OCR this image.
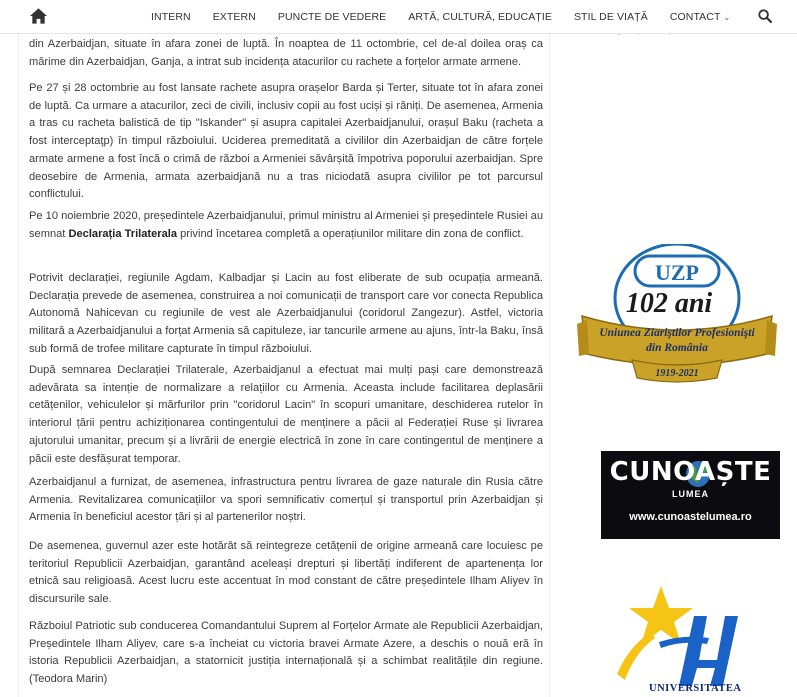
INTERN	EXTERN	PUNCTE DE VEDERE	ARTĂ, CULTURĂ, EDUCAȚIE	STIL DE VIAȚĂ	CONTACT ⌄

din Azerbaidjan, situate în afara zonei de luptă. În noaptea de 11 octombrie, cel de-al doilea oraș ca mărime din Azerbaidjan, Ganja, a intrat sub incidența atacurilor cu rachete a forțelor armate armene.

Pe 27 și 28 octombrie au fost lansate rachete asupra orașelor Barda și Terter, situate tot în afara zonei de luptă. Ca urmare a atacurilor, zeci de civili, inclusiv copii au fost uciși și răniți. De asemenea, Armenia a tras cu racheta balistică de tip "Iskander" și asupra capitalei Azerbaidjanului, orașul Baku (racheta a fost interceptaţp) în timpul războiului. Uciderea premeditată a civililor din Azerbaidjan de către forțele armate armene a fost încă o crimă de război a Armeniei săvârșită împotriva poporului azerbaidjan. Spre deosebire de Armenia, armata azerbaidjană nu a tras niciodată asupra civililor pe tot parcursul conflictului.

Pe 10 noiembrie 2020, președintele Azerbaidjanului, primul ministru al Armeniei și președintele Rusiei au semnat Declarația Trilaterala privind încetarea completă a operațiunilor militare din zona de conflict.

Potrivit declarației, regiunile Agdam, Kalbadjar și Lacin au fost eliberate de sub ocupația armeană. Declarația prevede de asemenea, construirea a noi comunicații de transport care vor conecta Republica Autonomă Nahicevan cu regiunile de vest ale Azerbaidjanului (coridorul Zangezur). Astfel, victoria militară a Azerbaidjanului a forțat Armenia să capituleze, iar tancurile armene au ajuns, într-la Baku, însă sub formă de trofee militare capturate în timpul războiului.

După semnarea Declarației Trilaterale, Azerbaidjanul a efectuat mai mulți pași care demonstrează adevărata sa intenție de normalizare a relațiilor cu Armenia. Aceasta include facilitarea deplasării cetățenilor, vehiculelor și mărfurilor prin "coridorul Lacin" în scopuri umanitare, deschiderea rutelor în interiorul țării pentru achiziționarea contingentului de menținere a păcii al Federației Ruse și livrarea ajutorului umanitar, precum și a livrării de energie electrică în zone în care contingentul de menținere a păcii este desfășurat temporar.

Azerbaidjanul a furnizat, de asemenea, infrastructura pentru livrarea de gaze naturale din Rusia către Armenia. Revitalizarea comunicațiilor va spori semnificativ comerțul și transportul prin Azerbaidjan și Armenia în beneficiul acestor țări și al partenerilor noștri.

De asemenea, guvernul azer este hotărât să reintegreze cetățenii de origine armeană care locuiesc pe teritoriul Republicii Azerbaidjan, garantând aceleași drepturi și libertăți indiferent de apartenența lor etnică sau religioasă. Acest lucru este accentuat în mod constant de către președintele Ilham Aliyev în discursurile sale.

Războiul Patriotic sub conducerea Comandantului Suprem al Forțelor Armate ale Republicii Azerbaidjan, Președintele Ilham Aliyev, care s-a încheiat cu victoria bravei Armate Azere, a deschis o nouă eră în istoria Republicii Azerbaidjan, a statornicit justiția internațională și a schimbat realitățile din regiune. (Teodora Marin)

UZP
102 ani
Uniunea Ziariştilor Profesionişti
din România
1919-2021
CUNOAȘTE
LUMEA
www.cunoastelumea.ro
UNIVERSITATEA
